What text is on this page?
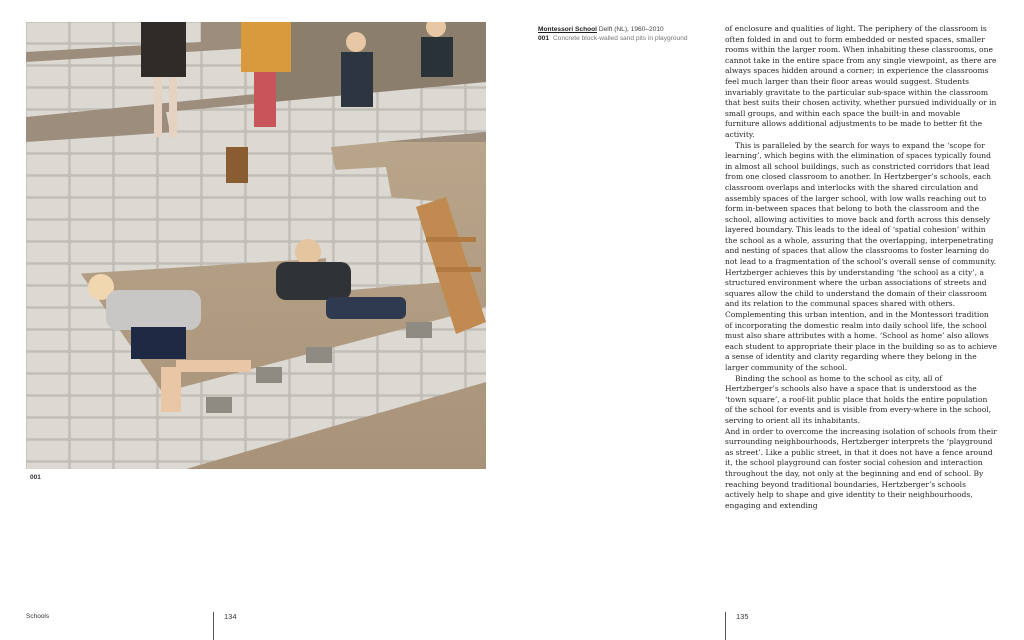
001
Montessori School Delft (NL), 1960–2010
001 Concrete block-walled sand pits in playground

of enclosure and qualities of light. The periphery of the classroom is often folded in and out to form embedded or nested spaces, smaller rooms within the larger room. When inhabiting these classrooms, one cannot take in the entire space from any single viewpoint, as there are always spaces hidden around a corner; in experience the classrooms feel much larger than their floor areas would suggest. Students invariably gravitate to the particular sub-space within the classroom that best suits their chosen activity, whether pursued individually or in small groups, and within each space the built-in and movable furniture allows additional adjustments to be made to better fit the activity.

This is paralleled by the search for ways to expand the ‘scope for learning’, which begins with the elimination of spaces typically found in almost all school buildings, such as constricted corridors that lead from one closed classroom to another. In Hertzberger’s schools, each classroom overlaps and interlocks with the shared circulation and assembly spaces of the larger school, with low walls reaching out to form in-between spaces that belong to both the classroom and the school, allowing activities to move back and forth across this densely layered boundary. This leads to the ideal of ‘spatial cohesion’ within the school as a whole, assuring that the overlapping, interpenetrating and nesting of spaces that allow the classrooms to foster learning do not lead to a fragmentation of the school’s overall sense of community. Hertzberger achieves this by understanding ‘the school as a city’, a structured environment where the urban associations of streets and squares allow the child to understand the domain of their classroom and its relation to the communal spaces shared with others. Complementing this urban intention, and in the Montessori tradition of incorporating the domestic realm into daily school life, the school must also share attributes with a home. ‘School as home’ also allows each student to appropriate their place in the building so as to achieve a sense of identity and clarity regarding where they belong in the larger community of the school.

Binding the school as home to the school as city, all of Hertzberger’s schools also have a space that is understood as the ‘town square’, a roof-lit public place that holds the entire population of the school for events and is visible from every-where in the school, serving to orient all its inhabitants.

And in order to overcome the increasing isolation of schools from their surrounding neighbourhoods, Hertzberger interprets the ‘playground as street’. Like a public street, in that it does not have a fence around it, the school playground can foster social cohesion and interaction throughout the day, not only at the beginning and end of school. By reaching beyond traditional boundaries, Hertzberger’s schools actively help to shape and give identity to their neighbourhoods, engaging and extending

Schools	134	135
